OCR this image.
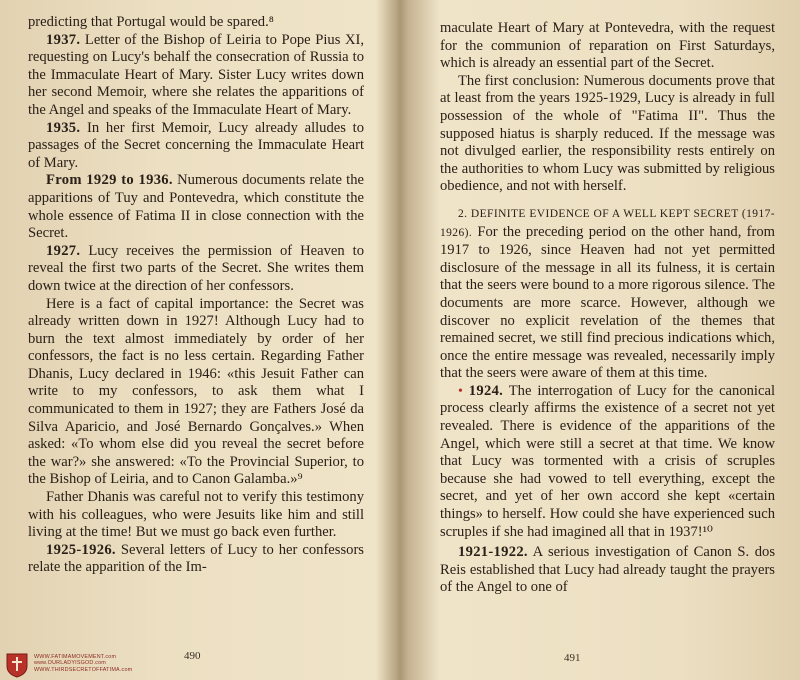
predicting that Portugal would be spared.⁸

1937. Letter of the Bishop of Leiria to Pope Pius XI, requesting on Lucy's behalf the consecration of Russia to the Immaculate Heart of Mary. Sister Lucy writes down her second Memoir, where she relates the apparitions of the Angel and speaks of the Immaculate Heart of Mary.

1935. In her first Memoir, Lucy already alludes to passages of the Secret concerning the Immaculate Heart of Mary.

From 1929 to 1936. Numerous documents relate the apparitions of Tuy and Pontevedra, which constitute the whole essence of Fatima II in close connection with the Secret.

1927. Lucy receives the permission of Heaven to reveal the first two parts of the Secret. She writes them down twice at the direction of her confessors.

Here is a fact of capital importance: the Secret was already written down in 1927! Although Lucy had to burn the text almost immediately by order of her confessors, the fact is no less certain. Regarding Father Dhanis, Lucy declared in 1946: «this Jesuit Father can write to my confessors, to ask them what I communicated to them in 1927; they are Fathers José da Silva Aparicio, and José Bernardo Gonçalves.» When asked: «To whom else did you reveal the secret before the war?» she answered: «To the Provincial Superior, to the Bishop of Leiria, and to Canon Galamba.»⁹

Father Dhanis was careful not to verify this testimony with his colleagues, who were Jesuits like him and still living at the time! But we must go back even further.

1925-1926. Several letters of Lucy to her confessors relate the apparition of the Im-

WWW.FATIMAMOVEMENT.com
www.OURLADYISGOD.com
WWW.THIRDSECRETOFFATIMA.com
490

maculate Heart of Mary at Pontevedra, with the request for the communion of reparation on First Saturdays, which is already an essential part of the Secret.

The first conclusion: Numerous documents prove that at least from the years 1925-1929, Lucy is already in full possession of the whole of "Fatima II". Thus the supposed hiatus is sharply reduced. If the message was not divulged earlier, the responsibility rests entirely on the authorities to whom Lucy was submitted by religious obedience, and not with herself.

2. DEFINITE EVIDENCE OF A WELL KEPT SECRET (1917-1926). For the preceding period on the other hand, from 1917 to 1926, since Heaven had not yet permitted disclosure of the message in all its fulness, it is certain that the seers were bound to a more rigorous silence. The documents are more scarce. However, although we discover no explicit revelation of the themes that remained secret, we still find precious indications which, once the entire message was revealed, necessarily imply that the seers were aware of them at this time.

• 1924. The interrogation of Lucy for the canonical process clearly affirms the existence of a secret not yet revealed. There is evidence of the apparitions of the Angel, which were still a secret at that time. We know that Lucy was tormented with a crisis of scruples because she had vowed to tell everything, except the secret, and yet of her own accord she kept «certain things» to herself. How could she have experienced such scruples if she had imagined all that in 1937!¹⁰

1921-1922. A serious investigation of Canon S. dos Reis established that Lucy had already taught the prayers of the Angel to one of

491
